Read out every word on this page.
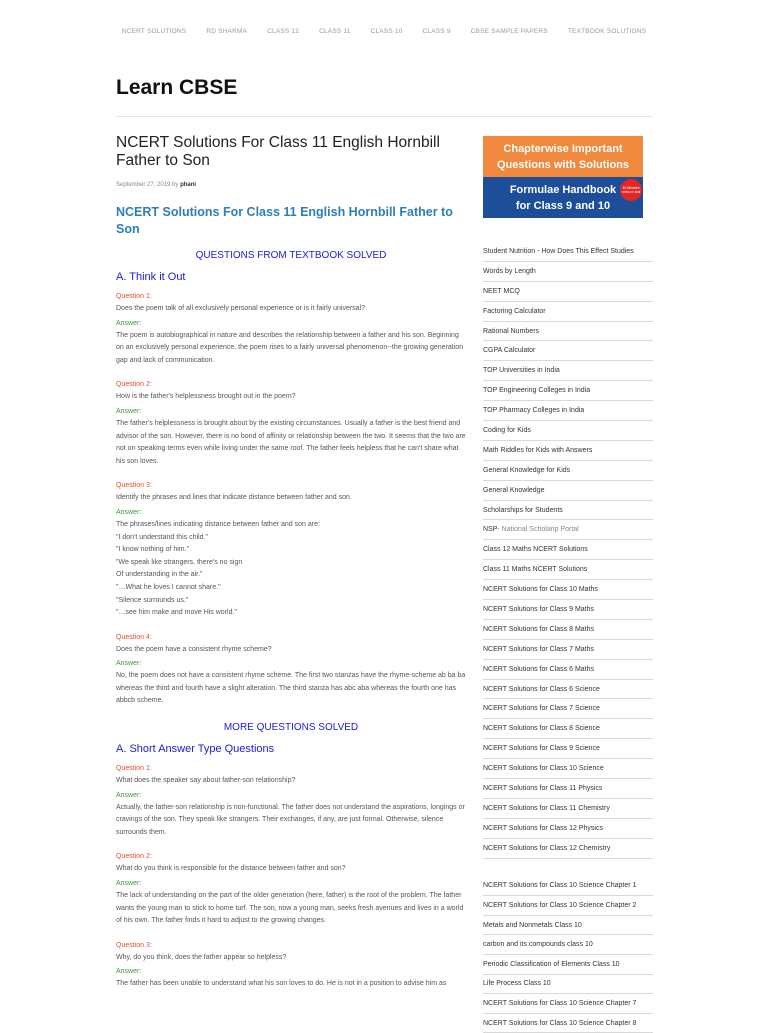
NCERT SOLUTIONS	RD SHARMA	CLASS 12	CLASS 11	CLASS 10	CLASS 9	CBSE SAMPLE PAPERS	TEXTBOOK SOLUTIONS
Learn CBSE
NCERT Solutions For Class 11 English Hornbill Father to Son
September 27, 2019 by phani
NCERT Solutions For Class 11 English Hornbill Father to Son
QUESTIONS FROM TEXTBOOK SOLVED
A. Think it Out
Question 1:
Does the poem talk of all exclusively personal experience or is it fairly universal?
Answer:
The poem is autobiographical in nature and describes the relationship between a father and his son. Beginning on an exclusively personal experience, the poem rises to a fairly universal phenomenon--the growing generation gap and lack of communication.
Question 2:
How is the father's helplessness brought out in the poem?
Answer:
The father's helplessness is brought about by the existing circumstances. Usually a father is the best friend and advisor of the son. However, there is no bond of affinity or relationship between the two. It seems that the two are not on speaking terms even while living under the same roof. The father feels helpless that he can't share what his son loves.
Question 3:
Identify the phrases and lines that indicate distance between father and son.
Answer:
The phrases/lines indicating distance between father and son are:
"I don't understand this child."
"I know nothing of him."
"We speak like strangers, there's no sign
Of understanding in the air."
"…What he loves I cannot share."
"Silence surrounds us."
"…see him make and move His world."
Question 4:
Does the poem have a consistent rhyme scheme?
Answer:
No, the poem does not have a consistent rhyme scheme. The first two stanzas have the rhyme-scheme ab ba ba whereas the third and fourth have a slight alteration. The third stanza has abc aba whereas the fourth one has abbcb scheme.
MORE QUESTIONS SOLVED
A. Short Answer Type Questions
Question 1:
What does the speaker say about father-son relationship?
Answer:
Actually, the father-son relationship is non-functional. The father does not understand the aspirations, longings or cravings of the son. They speak like strangers. Their exchanges, if any, are just formal. Otherwise, silence surrounds them.
Question 2:
What do you think is responsible for the distance between father and son?
Answer:
The lack of understanding on the part of the older generation (here, father) is the root of the problem. The father wants the young man to stick to home turf. The son, now a young man, seeks fresh avenues and lives in a world of his own. The father finds it hard to adjust to the growing changes.
Question 3:
Why, do you think, does the father appear so helpless?
Answer:
The father has been unable to understand what his son loves to do. He is not in a position to advise him as
Chapterwise Important
Questions with Solutions
Formulae Handbook
for Class 9 and 10
40 Minutes revision tool
Student Nutrition - How Does This Effect Studies
Words by Length
NEET MCQ
Factoring Calculator
Rational Numbers
CGPA Calculator
TOP Universities in India
TOP Engineering Colleges in India
TOP Pharmacy Colleges in India
Coding for Kids
Math Riddles for Kids with Answers
General Knowledge for Kids
General Knowledge
Scholarships for Students
NSP - National Scholarip Portal
Class 12 Maths NCERT Solutions
Class 11 Maths NCERT Solutions
NCERT Solutions for Class 10 Maths
NCERT Solutions for Class 9 Maths
NCERT Solutions for Class 8 Maths
NCERT Solutions for Class 7 Maths
NCERT Solutions for Class 6 Maths
NCERT Solutions for Class 6 Science
NCERT Solutions for Class 7 Science
NCERT Solutions for Class 8 Science
NCERT Solutions for Class 9 Science
NCERT Solutions for Class 10 Science
NCERT Solutions for Class 11 Physics
NCERT Solutions for Class 11 Chemistry
NCERT Solutions for Class 12 Physics
NCERT Solutions for Class 12 Chemistry
NCERT Solutions for Class 10 Science Chapter 1
NCERT Solutions for Class 10 Science Chapter 2
Metals and Nonmetals Class 10
carbon and its compounds class 10
Periodic Classification of Elements Class 10
Life Process Class 10
NCERT Solutions for Class 10 Science Chapter 7
NCERT Solutions for Class 10 Science Chapter 8
